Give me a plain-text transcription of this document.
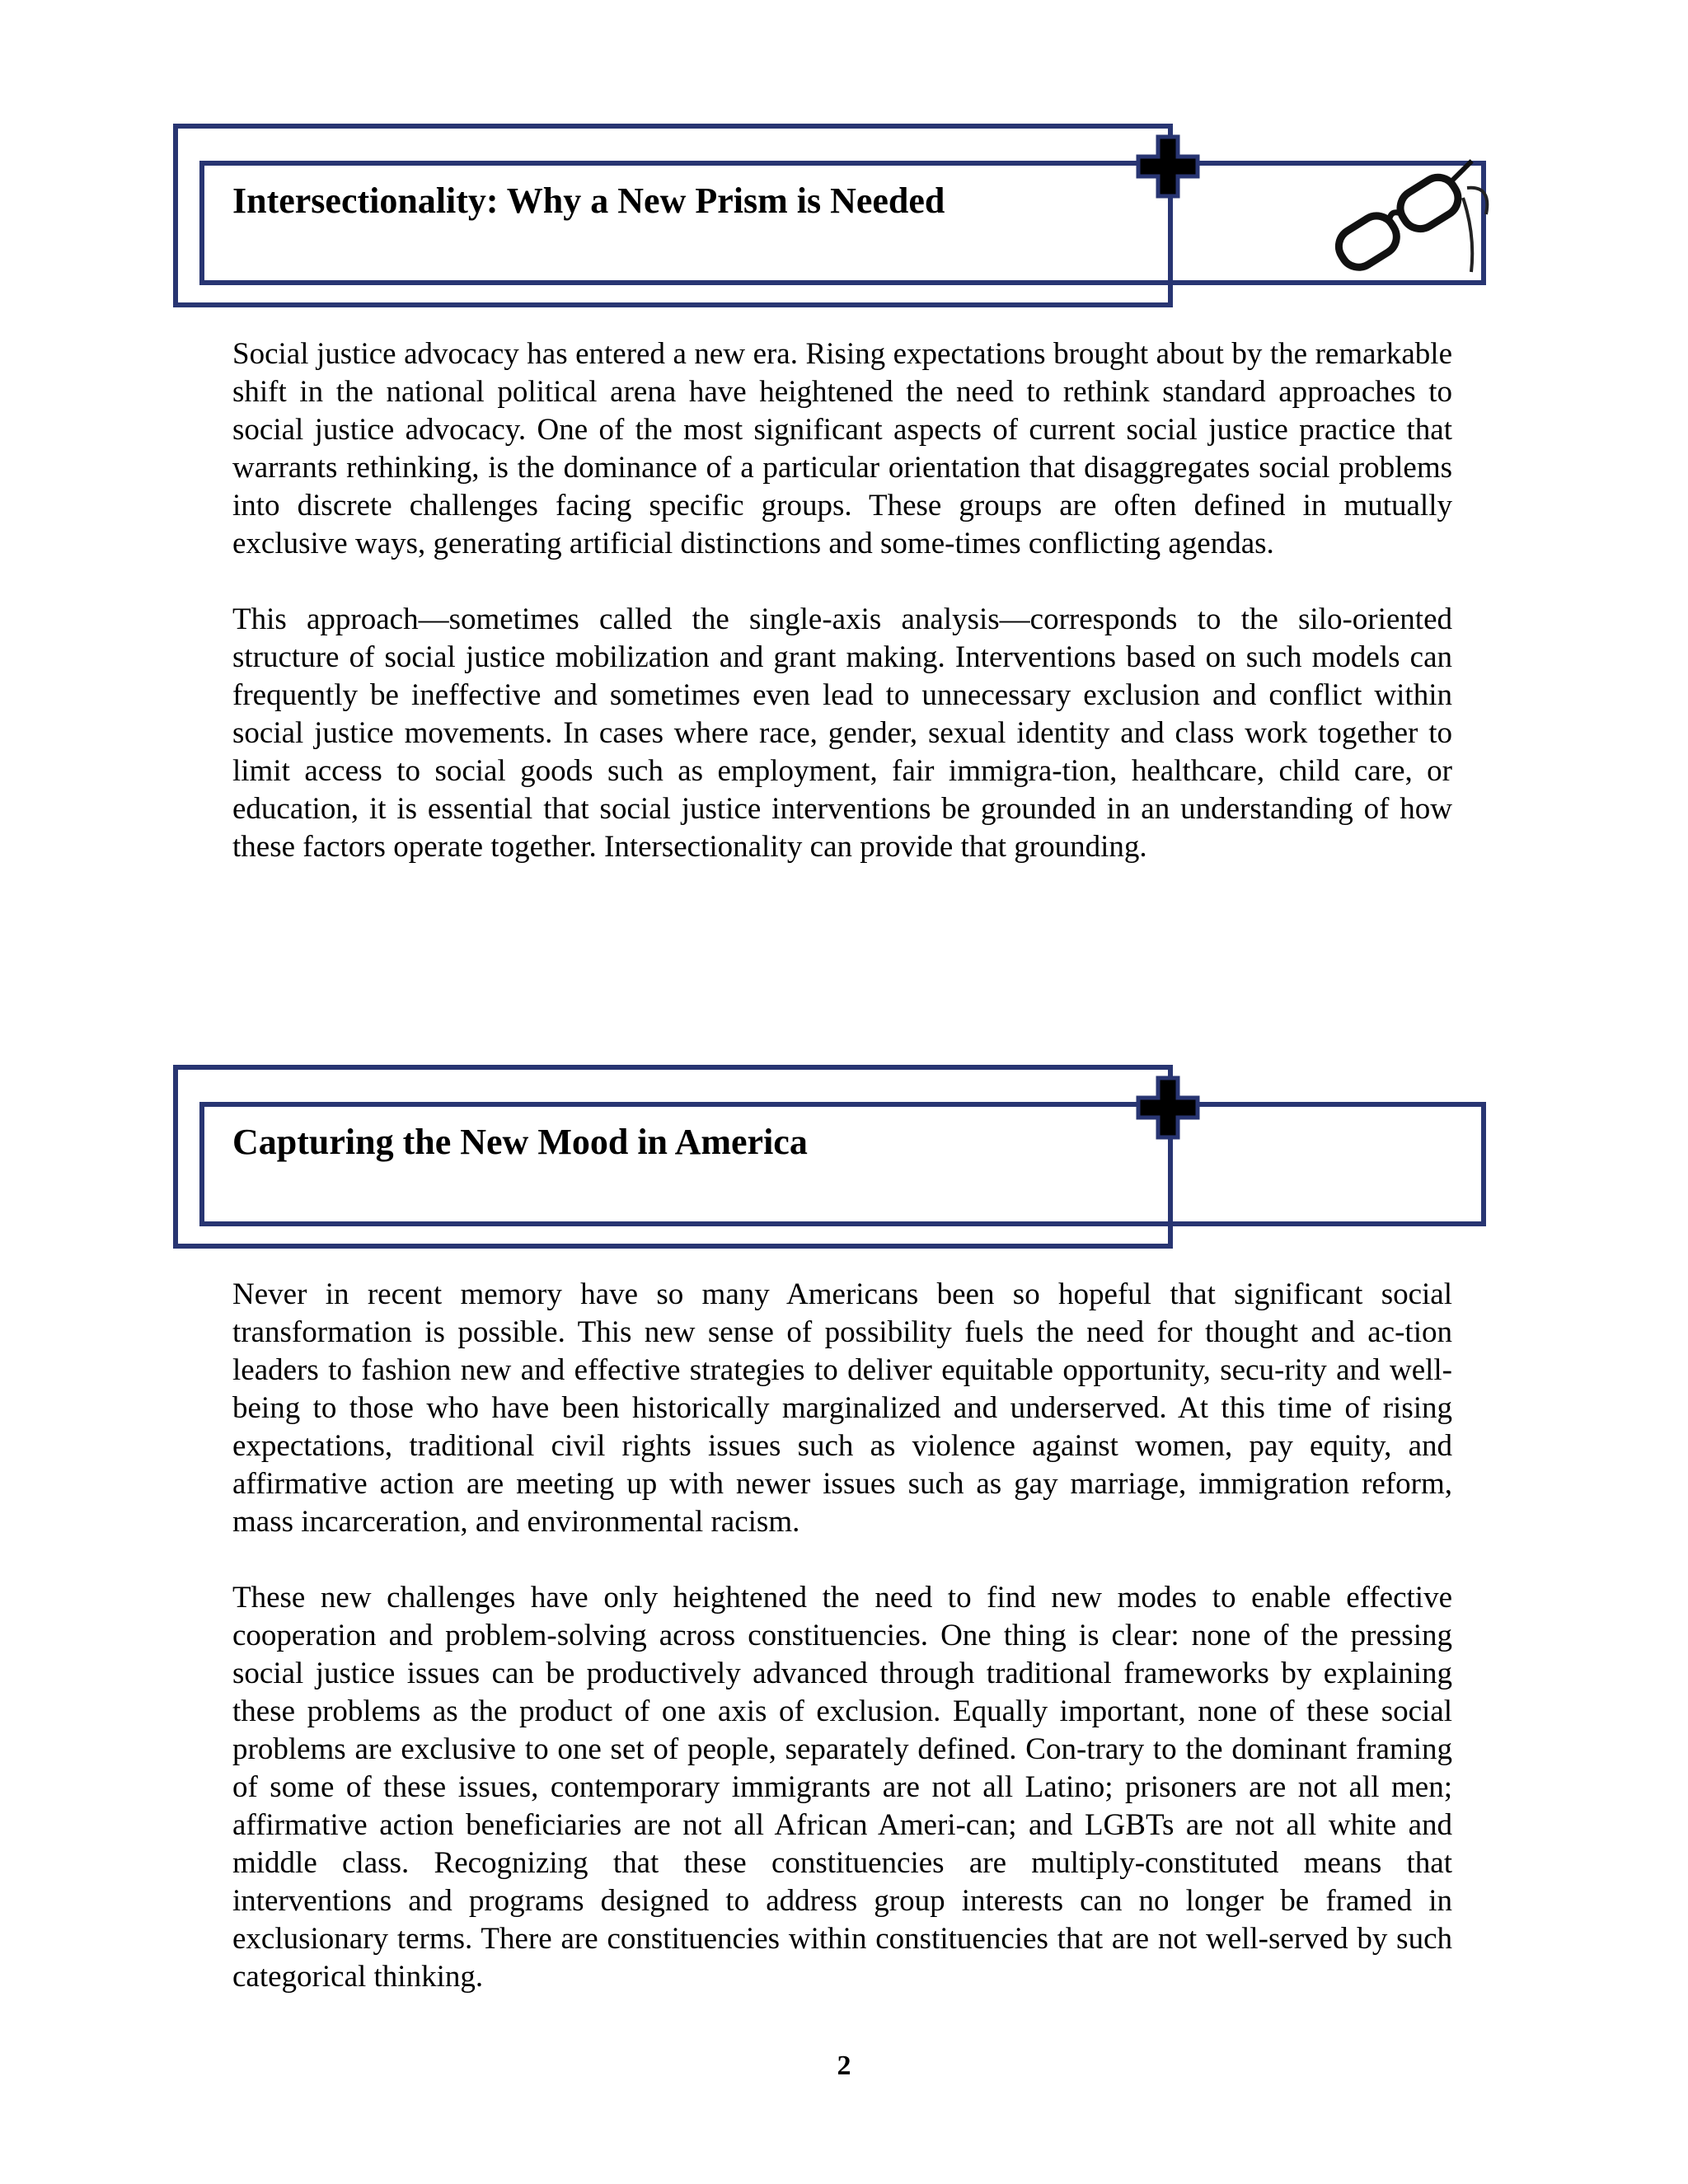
Intersectionality: Why a New Prism is Needed

Social justice advocacy has entered a new era. Rising expectations brought about by the remarkable shift in the national political arena have heightened the need to rethink standard approaches to social justice advocacy. One of the most significant aspects of current social justice practice that warrants rethinking, is the dominance of a particular orientation that disaggregates social problems into discrete challenges facing specific groups. These groups are often defined in mutually exclusive ways, generating artificial distinctions and some-times conflicting agendas.

This approach—sometimes called the single-axis analysis—corresponds to the silo-oriented structure of social justice mobilization and grant making. Interventions based on such models can frequently be ineffective and sometimes even lead to unnecessary exclusion and conflict within social justice movements. In cases where race, gender, sexual identity and class work together to limit access to social goods such as employment, fair immigra-tion, healthcare, child care, or education, it is essential that social justice interventions be grounded in an understanding of how these factors operate together. Intersectionality can provide that grounding.

Capturing the New Mood in America

Never in recent memory have so many Americans been so hopeful that significant social transformation is possible. This new sense of possibility fuels the need for thought and ac-tion leaders to fashion new and effective strategies to deliver equitable opportunity, secu-rity and well-being to those who have been historically marginalized and underserved. At this time of rising expectations, traditional civil rights issues such as violence against women, pay equity, and affirmative action are meeting up with newer issues such as gay marriage, immigration reform, mass incarceration, and environmental racism.

These new challenges have only heightened the need to find new modes to enable effective cooperation and problem-solving across constituencies. One thing is clear: none of the pressing social justice issues can be productively advanced through traditional frameworks by explaining these problems as the product of one axis of exclusion. Equally important, none of these social problems are exclusive to one set of people, separately defined. Con-trary to the dominant framing of some of these issues, contemporary immigrants are not all Latino; prisoners are not all men; affirmative action beneficiaries are not all African Ameri-can; and LGBTs are not all white and middle class. Recognizing that these constituencies are multiply-constituted means that interventions and programs designed to address group interests can no longer be framed in exclusionary terms. There are constituencies within constituencies that are not well-served by such categorical thinking.

2
